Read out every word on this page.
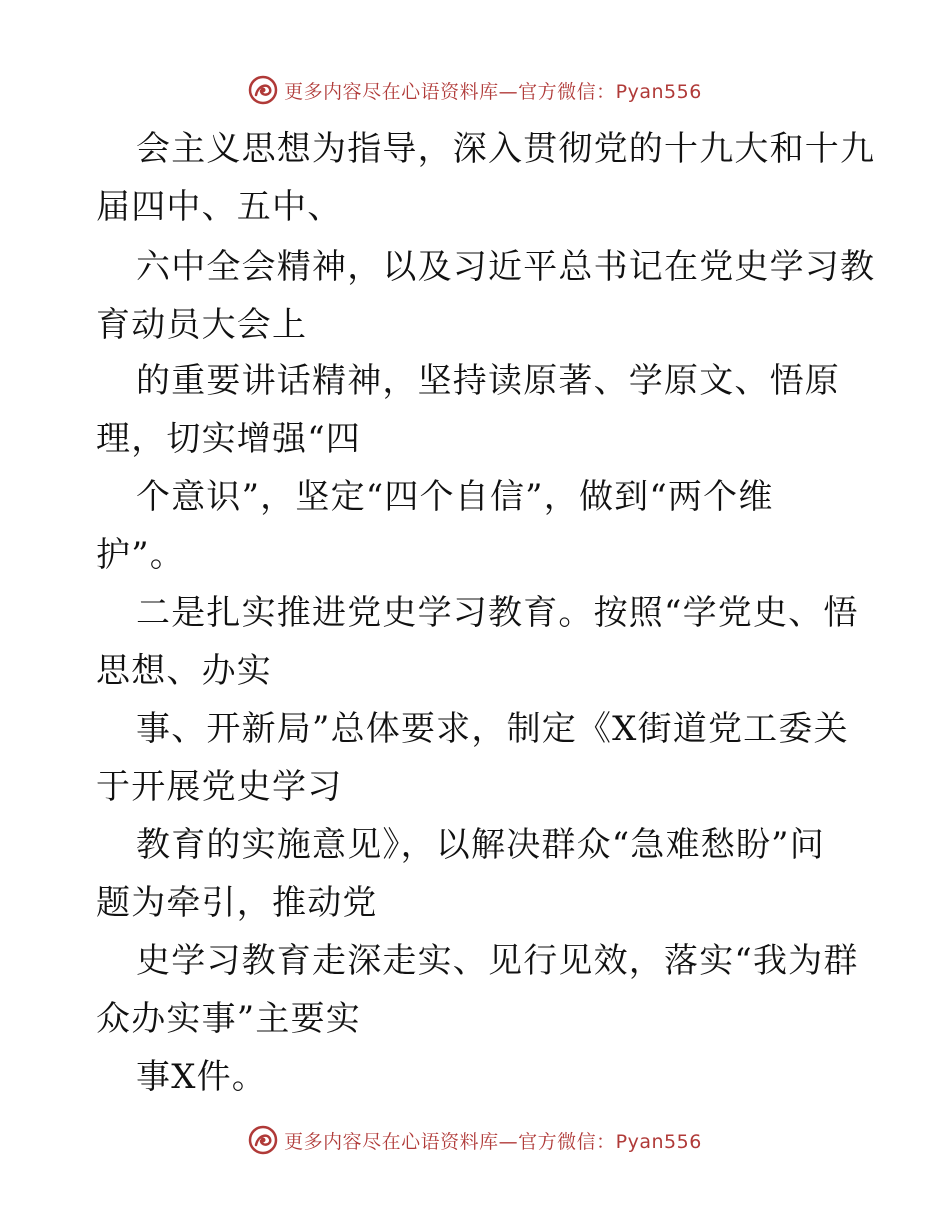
更多内容尽在心语资料库—官方微信：Pyan556
会主义思想为指导，深入贯彻党的十九大和十九
届四中、五中、
六中全会精神，以及习近平总书记在党史学习教
育动员大会上
的重要讲话精神，坚持读原著、学原文、悟原
理，切实增强“四
个意识”，坚定“四个自信”，做到“两个维
护”。
二是扎实推进党史学习教育。按照“学党史、悟
思想、办实
事、开新局”总体要求，制定《X街道党工委关
于开展党史学习
教育的实施意见》，以解决群众“急难愁盼”问
题为牵引，推动党
史学习教育走深走实、见行见效，落实“我为群
众办实事”主要实
事X件。
更多内容尽在心语资料库—官方微信：Pyan556
